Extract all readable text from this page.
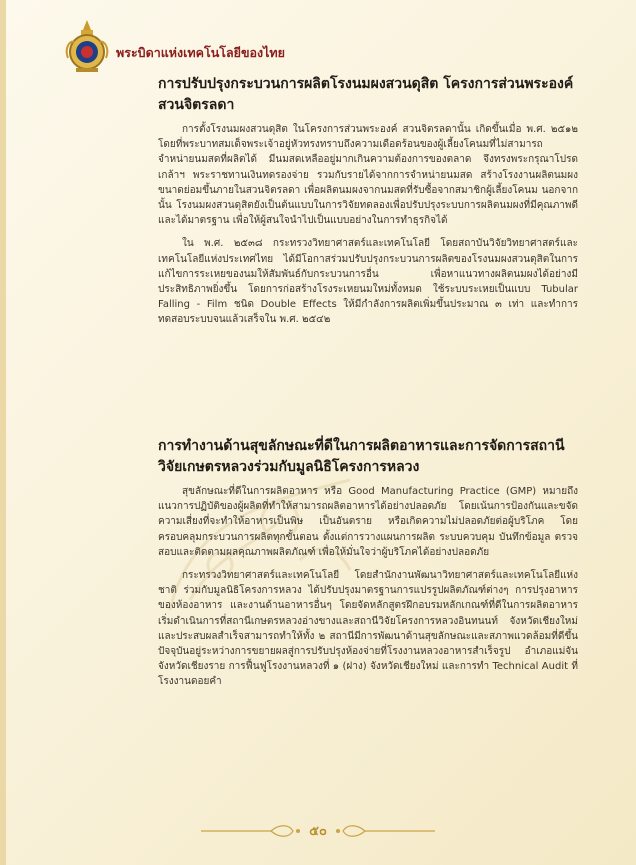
พระบิดาแห่งเทคโนโลยีของไทย
การปรับปรุงกระบวนการผลิตโรงนมผงสวนดุสิต โครงการส่วนพระองค์ สวนจิตรลดา

การตั้งโรงนมผงสวนดุสิต ในโครงการส่วนพระองค์ สวนจิตรลดานั้น เกิดขึ้นเมื่อ พ.ศ. ๒๕๑๒ โดยที่พระบาทสมเด็จพระเจ้าอยู่หัวทรงทราบถึงความเดือดร้อนของผู้เลี้ยงโคนมที่ไม่สามารถจำหน่ายนมสดที่ผลิตได้ มีนมสดเหลืออยู่มากเกินความต้องการของตลาด จึงทรงพระกรุณาโปรดเกล้าฯ พระราชทานเงินทดรองจ่าย รวมกับรายได้จากการจำหน่ายนมสด สร้างโรงงานผลิตนมผงขนาดย่อมขึ้นภายในสวนจิตรลดา เพื่อผลิตนมผงจากนมสดที่รับซื้อจากสมาชิกผู้เลี้ยงโคนม นอกจากนั้น โรงนมผงสวนดุสิตยังเป็นต้นแบบในการวิจัยทดลองเพื่อปรับปรุงระบบการผลิตนมผงที่มีคุณภาพดีและได้มาตรฐาน เพื่อให้ผู้สนใจนำไปเป็นแบบอย่างในการทำธุรกิจได้

ใน พ.ศ. ๒๕๓๘ กระทรวงวิทยาศาสตร์และเทคโนโลยี โดยสถาบันวิจัยวิทยาศาสตร์และเทคโนโลยีแห่งประเทศไทย ได้มีโอกาสร่วมปรับปรุงกระบวนการผลิตของโรงนมผงสวนดุสิตในการแก้ไขการระเหยของนมให้สัมพันธ์กับกระบวนการอื่น เพื่อหาแนวทางผลิตนมผงได้อย่างมีประสิทธิภาพยิ่งขึ้น โดยการก่อสร้างโรงระเหยนมใหม่ทั้งหมด ใช้ระบบระเหยเป็นแบบ Tubular Falling - Film ชนิด Double Effects ให้มีกำลังการผลิตเพิ่มขึ้นประมาณ ๓ เท่า และทำการทดสอบระบบจนแล้วเสร็จใน พ.ศ. ๒๕๔๒

การทำงานด้านสุขลักษณะที่ดีในการผลิตอาหารและการจัดการสถานีวิจัยเกษตรหลวงร่วมกับมูลนิธิโครงการหลวง

สุขลักษณะที่ดีในการผลิตอาหาร หรือ Good Manufacturing Practice (GMP) หมายถึงแนวการปฏิบัติของผู้ผลิตที่ทำให้สามารถผลิตอาหารได้อย่างปลอดภัย โดยเน้นการป้องกันและขจัดความเสี่ยงที่จะทำให้อาหารเป็นพิษ เป็นอันตราย หรือเกิดความไม่ปลอดภัยต่อผู้บริโภค โดยครอบคลุมกระบวนการผลิตทุกขั้นตอน ตั้งแต่การวางแผนการผลิต ระบบควบคุม บันทึกข้อมูล ตรวจสอบและติดตามผลคุณภาพผลิตภัณฑ์ เพื่อให้มั่นใจว่าผู้บริโภคได้อย่างปลอดภัย

กระทรวงวิทยาศาสตร์และเทคโนโลยี โดยสำนักงานพัฒนาวิทยาศาสตร์และเทคโนโลยีแห่งชาติ ร่วมกับมูลนิธิโครงการหลวง ได้ปรับปรุงมาตรฐานการแปรรูปผลิตภัณฑ์ต่างๆ การปรุงอาหารของห้องอาหาร และงานด้านอาหารอื่นๆ โดยจัดหลักสูตรฝึกอบรมหลักเกณฑ์ที่ดีในการผลิตอาหาร เริ่มดำเนินการที่สถานีเกษตรหลวงอ่างขางและสถานีวิจัยโครงการหลวงอินทนนท์ จังหวัดเชียงใหม่ และประสบผลสำเร็จสามารถทำให้ทั้ง ๒ สถานีมีการพัฒนาด้านสุขลักษณะและสภาพแวดล้อมที่ดีขึ้น ปัจจุบันอยู่ระหว่างการขยายผลสู่การปรับปรุงห้องจ่ายที่โรงงานหลวงอาหารสำเร็จรูป อำเภอแม่จัน จังหวัดเชียงราย การฟื้นฟูโรงงานหลวงที่ ๑ (ฝาง) จังหวัดเชียงใหม่ และการทำ Technical Audit ที่โรงงานดอยคำ

๕๐
